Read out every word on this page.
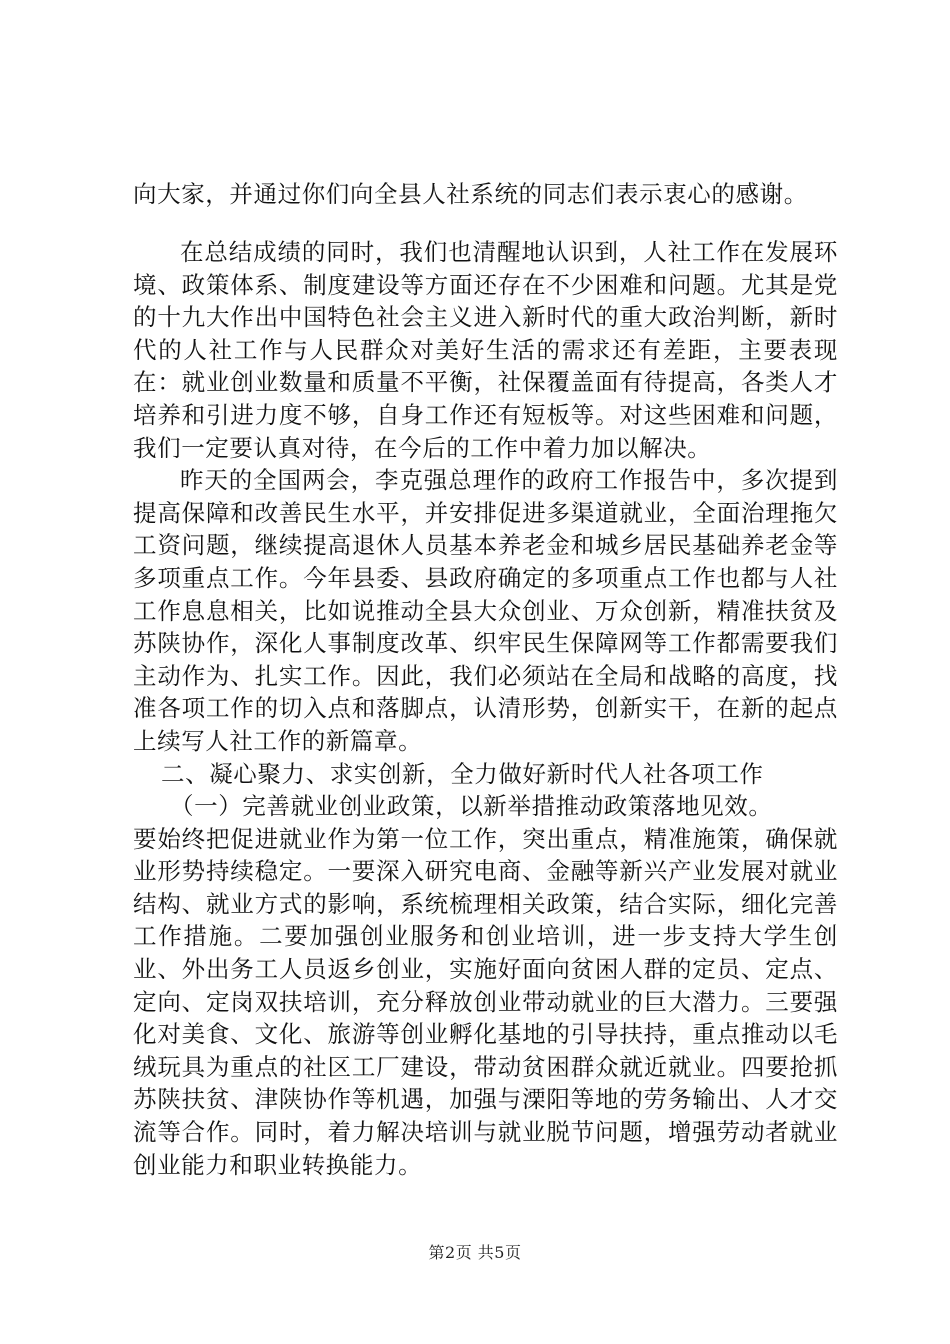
向大家，并通过你们向全县人社系统的同志们表示衷心的感谢。

在总结成绩的同时，我们也清醒地认识到，人社工作在发展环境、政策体系、制度建设等方面还存在不少困难和问题。尤其是党的十九大作出中国特色社会主义进入新时代的重大政治判断，新时代的人社工作与人民群众对美好生活的需求还有差距，主要表现在：就业创业数量和质量不平衡，社保覆盖面有待提高，各类人才培养和引进力度不够，自身工作还有短板等。对这些困难和问题，我们一定要认真对待，在今后的工作中着力加以解决。

昨天的全国两会，李克强总理作的政府工作报告中，多次提到提高保障和改善民生水平，并安排促进多渠道就业，全面治理拖欠工资问题，继续提高退休人员基本养老金和城乡居民基础养老金等多项重点工作。今年县委、县政府确定的多项重点工作也都与人社工作息息相关，比如说推动全县大众创业、万众创新，精准扶贫及苏陕协作，深化人事制度改革、织牢民生保障网等工作都需要我们主动作为、扎实工作。因此，我们必须站在全局和战略的高度，找准各项工作的切入点和落脚点，认清形势，创新实干，在新的起点上续写人社工作的新篇章。

二、凝心聚力、求实创新，全力做好新时代人社各项工作

（一）完善就业创业政策，以新举措推动政策落地见效。

要始终把促进就业作为第一位工作，突出重点，精准施策，确保就业形势持续稳定。一要深入研究电商、金融等新兴产业发展对就业结构、就业方式的影响，系统梳理相关政策，结合实际，细化完善工作措施。二要加强创业服务和创业培训，进一步支持大学生创业、外出务工人员返乡创业，实施好面向贫困人群的定员、定点、定向、定岗双扶培训，充分释放创业带动就业的巨大潜力。三要强化对美食、文化、旅游等创业孵化基地的引导扶持，重点推动以毛绒玩具为重点的社区工厂建设，带动贫困群众就近就业。四要抢抓苏陕扶贫、津陕协作等机遇，加强与溧阳等地的劳务输出、人才交流等合作。同时，着力解决培训与就业脱节问题，增强劳动者就业创业能力和职业转换能力。

第2页 共5页
